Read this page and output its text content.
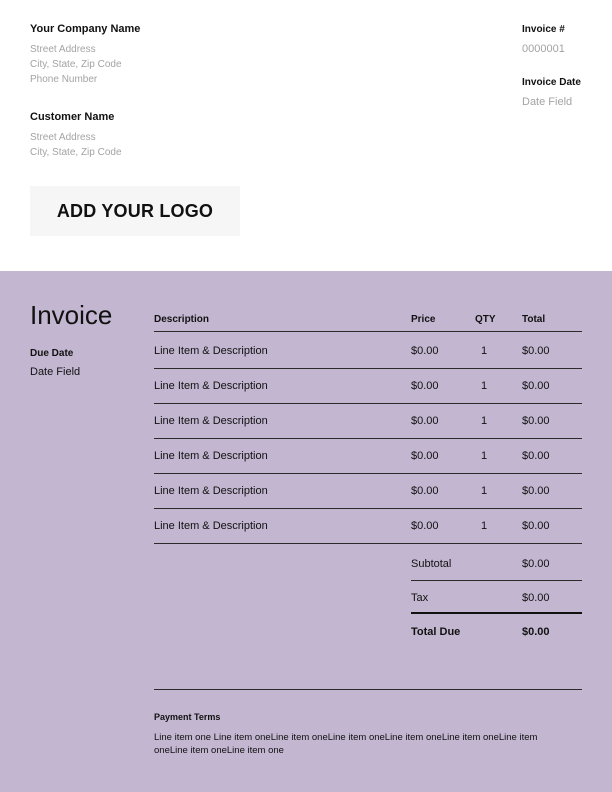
Your Company Name
Street Address
City, State, Zip Code
Phone Number
Customer Name
Street Address
City, State, Zip Code
Invoice #
0000001
Invoice Date
Date Field
ADD YOUR LOGO
Invoice
Due Date
Date Field
Description	Price	QTY	Total
Line Item & Description	$0.00	1	$0.00
Line Item & Description	$0.00	1	$0.00
Line Item & Description	$0.00	1	$0.00
Line Item & Description	$0.00	1	$0.00
Line Item & Description	$0.00	1	$0.00
Line Item & Description	$0.00	1	$0.00
Subtotal	$0.00
Tax	$0.00
Total Due	$0.00
Payment Terms
Line item one Line item oneLine item oneLine item oneLine item oneLine item oneLine item oneLine item oneLine item one
